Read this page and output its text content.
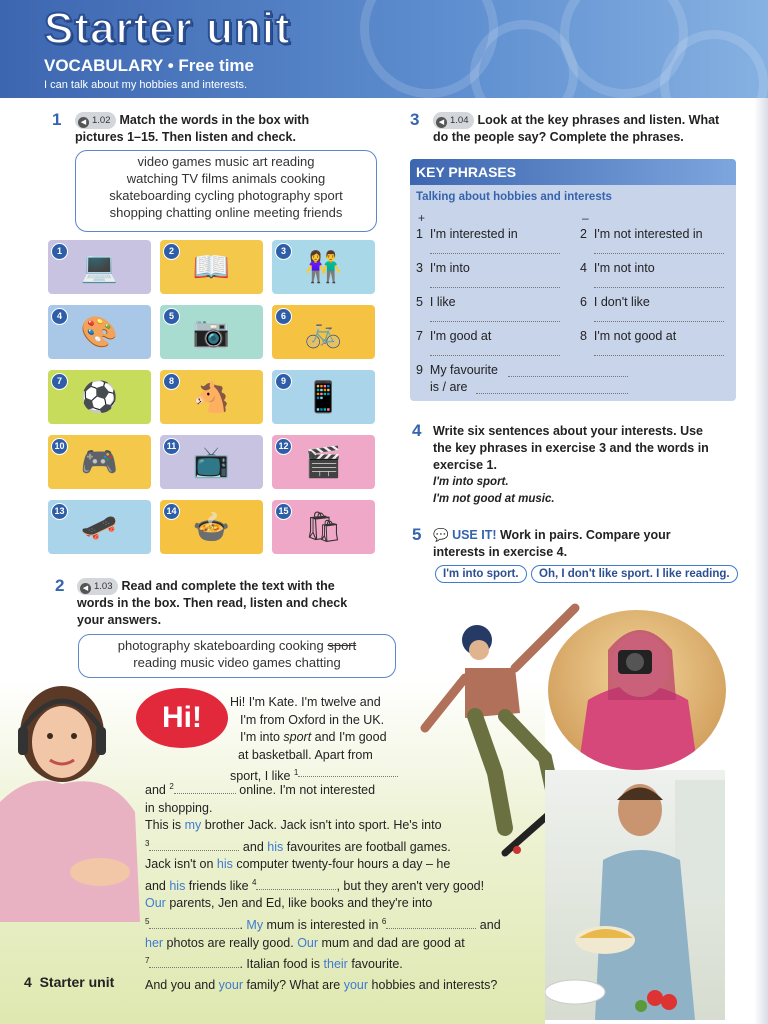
Starter unit
VOCABULARY • Free time
I can talk about my hobbies and interests.
1	◀ 1.02 Match the words in the box with
pictures 1–15. Then listen and check.
video games music art reading
watching TV films animals cooking
skateboarding cycling photography sport
shopping chatting online meeting friends
💻
1	📖
2	👫
3
🎨
4	📷
5	🚲
6
⚽
7	🐴
8	📱
9
🎮
10	📺
11	🎬
12
🛹
13	🍲
14	🛍
15
2	◀ 1.03 Read and complete the text with the
words in the box. Then read, listen and check
your answers.
photography skateboarding cooking sport
reading music video games chatting
Hi!	Hi! I'm Kate. I'm twelve and
I'm from Oxford in the UK.
I'm into sport and I'm good
at basketball. Apart from
sport, I like $^1$
and $^2$	online. I'm not interested
in shopping.
This is my brother Jack. Jack isn't into sport. He's into
$^3$	and his favourites are football games.
Jack isn't on his computer twenty-four hours a day – he
and his friends like $^4$	, but they aren't very good!
Our parents, Jen and Ed, like books and they're into
$^5$	. My mum is interested in $^6$	and
her photos are really good. Our mum and dad are good at
$^7$	. Italian food is their favourite.
And you and your family? What are your hobbies and interests?
3	◀ 1.04 Look at the key phrases and listen. What
do the people say? Complete the phrases.
KEY PHRASES
Talking about hobbies and interests
+	–
1 I'm interested in	2 I'm not interested in
3 I'm into	4 I'm not into
5 I like	6 I don't like
7 I'm good at	8 I'm not good at
9 My favourite
is / are
4 Write six sentences about your interests. Use
the key phrases in exercise 3 and the words in
exercise 1.
I'm into sport.
I'm not good at music.
5 💬 USE IT! Work in pairs. Compare your
interests in exercise 4.
I'm into sport.	Oh, I don't like sport. I like reading.
4 Starter unit
